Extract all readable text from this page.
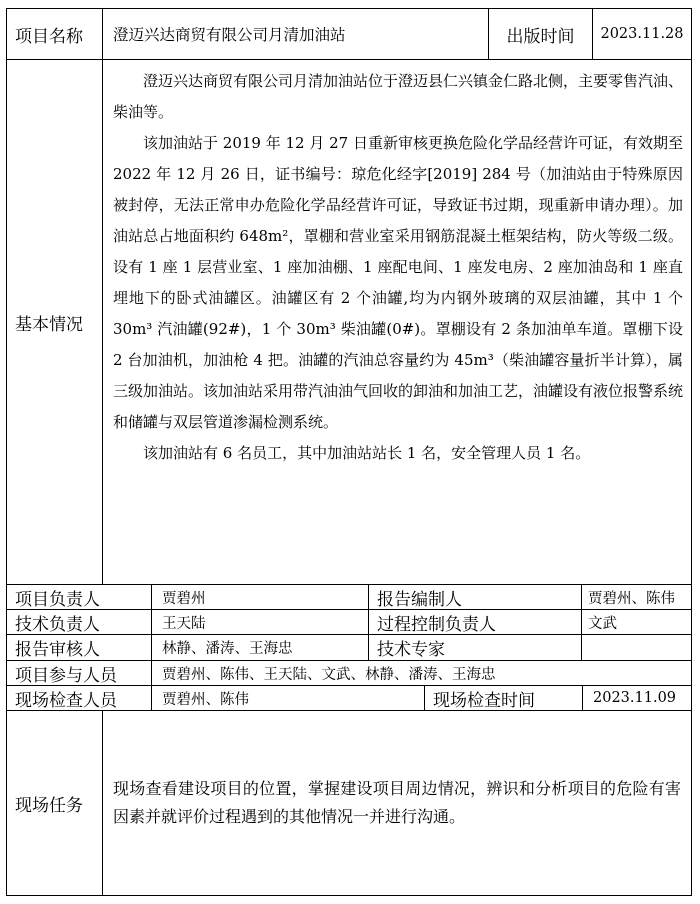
项目名称	澄迈兴达商贸有限公司月清加油站	出版时间	2023.11.28
基本情况

澄迈兴达商贸有限公司月清加油站位于澄迈县仁兴镇金仁路北侧，主要零售汽油、柴油等。

该加油站于 2019 年 12 月 27 日重新审核更换危险化学品经营许可证，有效期至 2022 年 12 月 26 日，证书编号：琼危化经字[2019] 284 号（加油站由于特殊原因被封停，无法正常申办危险化学品经营许可证，导致证书过期，现重新申请办理）。加油站总占地面积约 648m²，罩棚和营业室采用钢筋混凝土框架结构，防火等级二级。设有 1 座 1 层营业室、1 座加油棚、1 座配电间、1 座发电房、2 座加油岛和 1 座直埋地下的卧式油罐区。油罐区有 2 个油罐,均为内钢外玻璃的双层油罐，其中 1 个 30m³ 汽油罐(92#)，1 个 30m³ 柴油罐(0#)。罩棚设有 2 条加油单车道。罩棚下设 2 台加油机，加油枪 4 把。油罐的汽油总容量约为 45m³（柴油罐容量折半计算），属三级加油站。该加油站采用带汽油油气回收的卸油和加油工艺，油罐设有液位报警系统和储罐与双层管道渗漏检测系统。

该加油站有 6 名员工，其中加油站站长 1 名，安全管理人员 1 名。

项目负责人	贾碧州	报告编制人	贾碧州、陈伟
技术负责人	王天陆	过程控制负责人	文武
报告审核人	林静、潘涛、王海忠	技术专家
项目参与人员	贾碧州、陈伟、王天陆、文武、林静、潘涛、王海忠
现场检查人员	贾碧州、陈伟	现场检查时间	2023.11.09
现场任务
现场查看建设项目的位置，掌握建设项目周边情况，辨识和分析项目的危险有害因素并就评价过程遇到的其他情况一并进行沟通。
